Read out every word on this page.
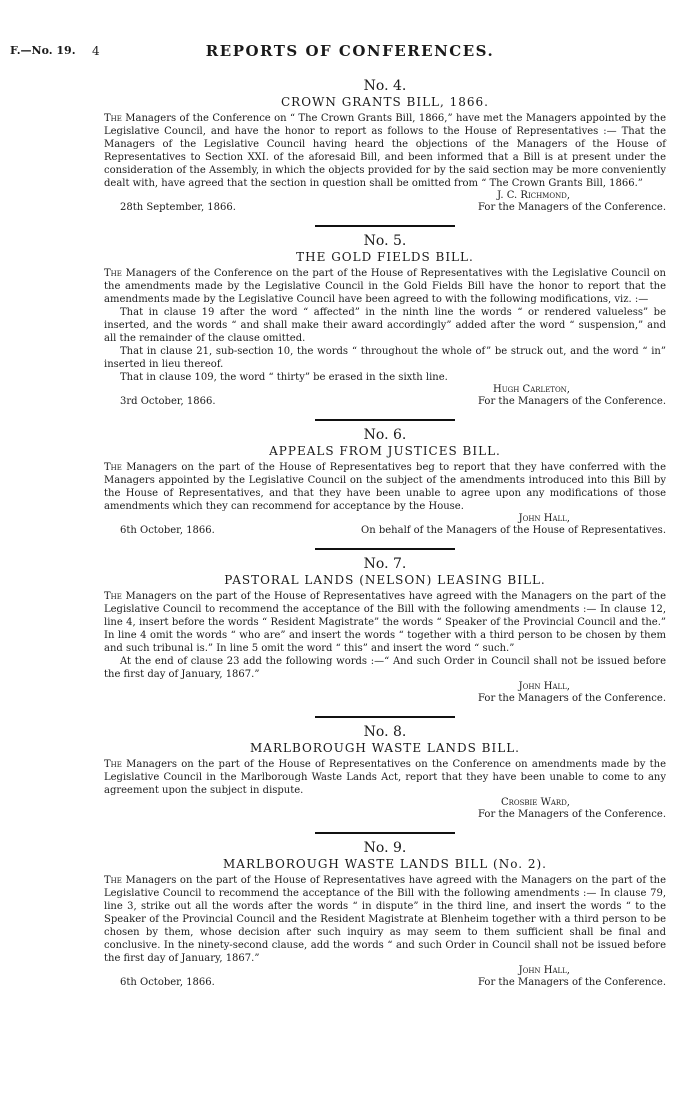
F.—No. 19. 4	REPORTS OF CONFERENCES.
No. 4.
CROWN GRANTS BILL, 1866.

The Managers of the Conference on “ The Crown Grants Bill, 1866,” have met the Managers appointed by the Legislative Council, and have the honor to report as follows to the House of Representatives :— That the Managers of the Legislative Council having heard the objections of the Managers of the House of Representatives to Section XXI. of the aforesaid Bill, and been informed that a Bill is at present under the consideration of the Assembly, in which the objects provided for by the said section may be more conveniently dealt with, have agreed that the section in question shall be omitted from “ The Crown Grants Bill, 1866.”

J. C. Richmond,
28th September, 1866.	For the Managers of the Conference.
No. 5.
THE GOLD FIELDS BILL.

The Managers of the Conference on the part of the House of Representatives with the Legislative Council on the amendments made by the Legislative Council in the Gold Fields Bill have the honor to report that the amendments made by the Legislative Council have been agreed to with the following modifications, viz. :—

That in clause 19 after the word “ affected” in the ninth line the words “ or rendered valueless” be inserted, and the words “ and shall make their award accordingly” added after the word “ suspension,” and all the remainder of the clause omitted.

That in clause 21, sub-section 10, the words “ throughout the whole of” be struck out, and the word “ in” inserted in lieu thereof.

That in clause 109, the word “ thirty” be erased in the sixth line.

Hugh Carleton,
3rd October, 1866.	For the Managers of the Conference.
No. 6.
APPEALS FROM JUSTICES BILL.

The Managers on the part of the House of Representatives beg to report that they have conferred with the Managers appointed by the Legislative Council on the subject of the amendments introduced into this Bill by the House of Representatives, and that they have been unable to agree upon any modifications of those amendments which they can recommend for acceptance by the House.

John Hall,
6th October, 1866.	On behalf of the Managers of the House of Representatives.
No. 7.
PASTORAL LANDS (NELSON) LEASING BILL.

The Managers on the part of the House of Representatives have agreed with the Managers on the part of the Legislative Council to recommend the acceptance of the Bill with the following amendments :— In clause 12, line 4, insert before the words “ Resident Magistrate” the words “ Speaker of the Provincial Council and the.” In line 4 omit the words “ who are” and insert the words “ together with a third person to be chosen by them and such tribunal is.” In line 5 omit the word “ this” and insert the word “ such.”

At the end of clause 23 add the following words :—“ And such Order in Council shall not be issued before the first day of January, 1867.”

John Hall,
For the Managers of the Conference.
No. 8.
MARLBOROUGH WASTE LANDS BILL.

The Managers on the part of the House of Representatives on the Conference on amendments made by the Legislative Council in the Marlborough Waste Lands Act, report that they have been unable to come to any agreement upon the subject in dispute.

Crosbie Ward,
For the Managers of the Conference.
No. 9.
MARLBOROUGH WASTE LANDS BILL (No. 2).

The Managers on the part of the House of Representatives have agreed with the Managers on the part of the Legislative Council to recommend the acceptance of the Bill with the following amendments :— In clause 79, line 3, strike out all the words after the words “ in dispute” in the third line, and insert the words “ to the Speaker of the Provincial Council and the Resident Magistrate at Blenheim together with a third person to be chosen by them, whose decision after such inquiry as may seem to them sufficient shall be final and conclusive. In the ninety-second clause, add the words “ and such Order in Council shall not be issued before the first day of January, 1867.”

John Hall,
6th October, 1866.	For the Managers of the Conference.
